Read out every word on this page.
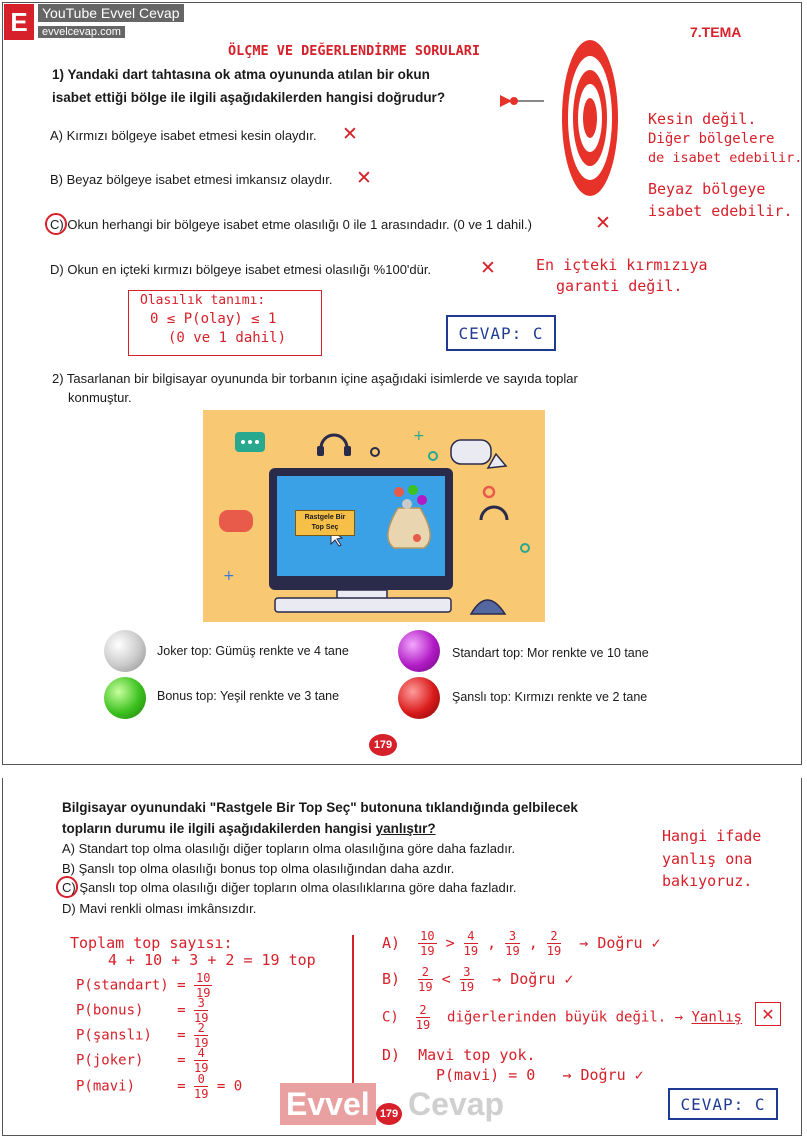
E YouTube Evvel Cevap
evvelcevap.com	7.TEMA
ÖLÇME VE DEĞERLENDİRME SORULARI
1) Yandaki dart tahtasına ok atma oyununda atılan bir okun
isabet ettiği bölge ile ilgili aşağıdakilerden hangisi doğrudur?
A) Kırmızı bölgeye isabet etmesi kesin olaydır. ✕
B) Beyaz bölgeye isabet etmesi imkansız olaydır. ✕
C) Okun herhangi bir bölgeye isabet etme olasılığı 0 ile 1 arasındadır. (0 ve 1 dahil.)	✕
D) Okun en içteki kırmızı bölgeye isabet etmesi olasılığı %100'dür.	✕
Kesin değil.
Diğer bölgelere
de isabet edebilir.
Beyaz bölgeye
isabet edebilir.
En içteki kırmızıya
garanti değil.
Olasılık tanımı:
0 ≤ P(olay) ≤ 1
(0 ve 1 dahil)	CEVAP: C
2) Tasarlanan bir bilgisayar oyununda bir torbanın içine aşağıdaki isimlerde ve sayıda toplar
konmuştur.
+
+
Rastgele Bir
Top Seç
Joker top: Gümüş renkte ve 4 tane	Standart top: Mor renkte ve 10 tane
Bonus top: Yeşil renkte ve 3 tane	Şanslı top: Kırmızı renkte ve 2 tane
179
Bilgisayar oyunundaki "Rastgele Bir Top Seç" butonuna tıklandığında gelbilecek
topların durumu ile ilgili aşağıdakilerden hangisi yanlıştır?
A) Standart top olma olasılığı diğer topların olma olasılığına göre daha fazladır.
B) Şanslı top olma olasılığı bonus top olma olasılığından daha azdır.
C) Şanslı top olma olasılığı diğer topların olma olasılıklarına göre daha fazladır.
D) Mavi renkli olması imkânsızdır.
Hangi ifade
yanlış ona
bakıyoruz.
Toplam top sayısı:
4 + 10 + 3 + 2 = 19 top
P(standart) = $\frac{10}{19}$
P(bonus)    = $\frac{3}{19}$
P(şanslı)   = $\frac{2}{19}$
P(joker)    = $\frac{4}{19}$
P(mavi)     = $\frac{0}{19} = 0$
$A) \frac{10}{19} > \frac{4}{19}$ , $\frac{3}{19}$ , $\frac{2}{19}$ → Doğru ✓
$B) \frac{2}{19} < \frac{3}{19}$ → Doğru ✓
$C) \frac{2}{19}$ diğerlerinden büyük değil. → Yanlış	✕
D) Mavi top yok.
P(mavi) = 0 → Doğru ✓
CEVAP: C
Evvel Cevap
179
